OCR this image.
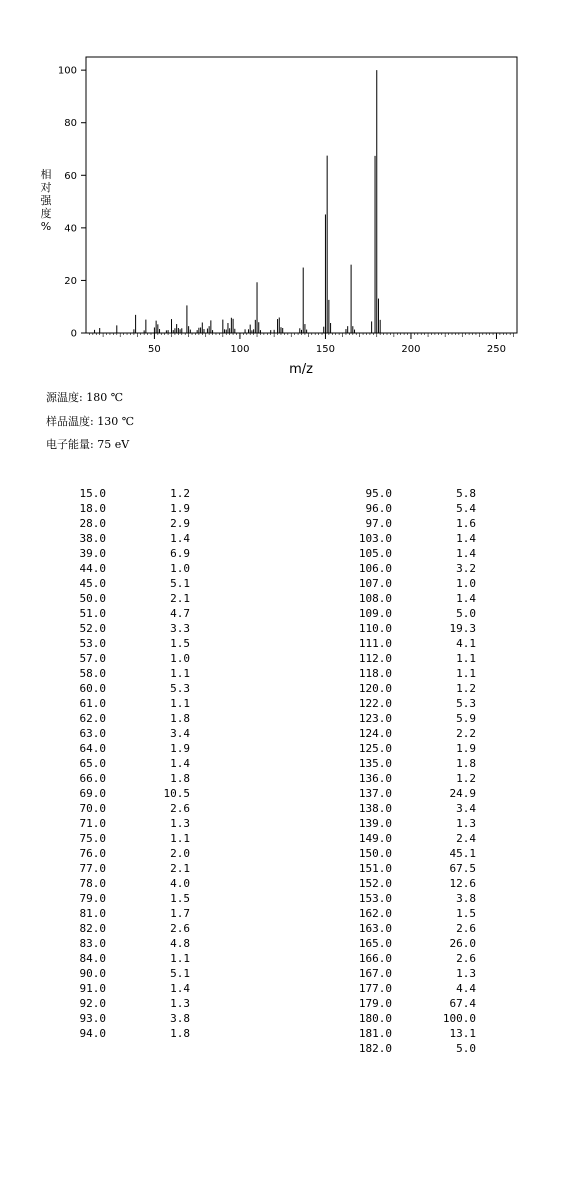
0
20
40
60
80
100
50	100	150	200	250
m/z
相
对
强
度
%
源温度: 180 ℃
样品温度: 130 ℃
电子能量: 75 eV
15.0	1.2
18.0	1.9
28.0	2.9
38.0	1.4
39.0	6.9
44.0	1.0
45.0	5.1
50.0	2.1
51.0	4.7
52.0	3.3
53.0	1.5
57.0	1.0
58.0	1.1
60.0	5.3
61.0	1.1
62.0	1.8
63.0	3.4
64.0	1.9
65.0	1.4
66.0	1.8
69.0	10.5
70.0	2.6
71.0	1.3
75.0	1.1
76.0	2.0
77.0	2.1
78.0	4.0
79.0	1.5
81.0	1.7
82.0	2.6
83.0	4.8
84.0	1.1
90.0	5.1
91.0	1.4
92.0	1.3
93.0	3.8
94.0	1.8
95.0	5.8
96.0	5.4
97.0	1.6
103.0	1.4
105.0	1.4
106.0	3.2
107.0	1.0
108.0	1.4
109.0	5.0
110.0	19.3
111.0	4.1
112.0	1.1
118.0	1.1
120.0	1.2
122.0	5.3
123.0	5.9
124.0	2.2
125.0	1.9
135.0	1.8
136.0	1.2
137.0	24.9
138.0	3.4
139.0	1.3
149.0	2.4
150.0	45.1
151.0	67.5
152.0	12.6
153.0	3.8
162.0	1.5
163.0	2.6
165.0	26.0
166.0	2.6
167.0	1.3
177.0	4.4
179.0	67.4
180.0	100.0
181.0	13.1
182.0	5.0
